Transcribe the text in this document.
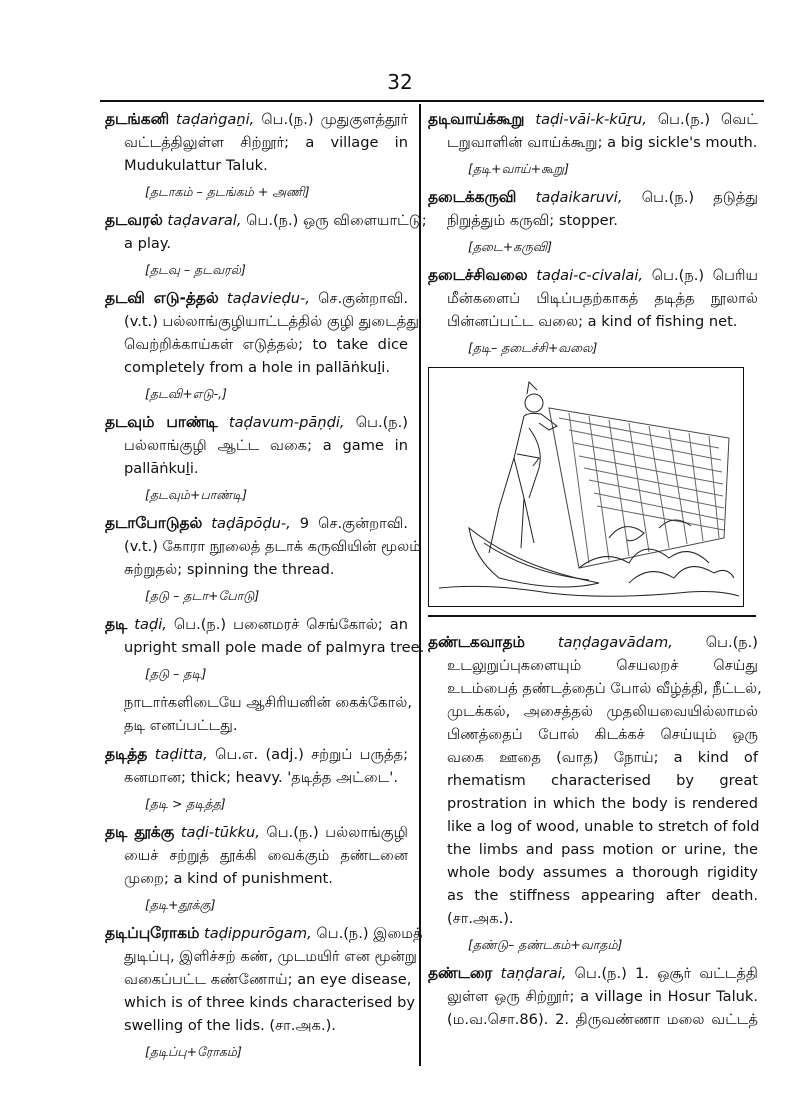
32
தடங்கனி taḍaṅgaṉi, பெ.(ந.) முதுகுளத்தூர்
வட்டத்திலுள்ள சிற்றூர்; a village in
Mudukulattur Taluk.
[தடாகம் – தடங்கம் + அணி]
தடவரல் taḍavaral, பெ.(ந.) ஒரு விளையாட்டு;
a play.
[தடவு – தடவரல்]
தடவி எடு-த்தல் taḍavieḍu-, செ.குன்றாவி.
(v.t.) பல்லாங்குழியாட்டத்தில் குழி துடைத்து
வெற்றிக்காய்கள் எடுத்தல்; to take dice
completely from a hole in pallāṅkuḻi.
[தடவி+எடு-,]
தடவும் பாண்டி taḍavum-pāṇḍi, பெ.(ந.)
பல்லாங்குழி ஆட்ட வகை; a game in
pallāṅkuḻi.
[தடவும்+பாண்டி]
தடாபோடுதல் taḍāpōḍu-, 9 செ.குன்றாவி.
(v.t.) கோரா நூலைத் தடாக் கருவியின் மூலம்
சுற்றுதல்; spinning the thread.
[தடு – தடா+போடு]
தடி taḍi, பெ.(ந.) பனைமரச் செங்கோல்; an
upright small pole made of palmyra tree.
[தடு – தடி]
நாடார்களிடையே ஆசிரியனின் கைக்கோல்,
தடி எனப்பட்டது.
தடித்த taḍitta, பெ.எ. (adj.) சற்றுப் பருத்த;
கனமான; thick; heavy. 'தடித்த அட்டை'.
[தடி > தடித்த]
தடி தூக்கு taḍi-tūkku, பெ.(ந.) பல்லாங்குழி
யைச் சற்றுத் தூக்கி வைக்கும் தண்டனை
முறை; a kind of punishment.
[தடி+தூக்கு]
தடிப்புரோகம் taḍippurōgam, பெ.(ந.) இமைத்
துடிப்பு, இளிச்சற் கண், முடமயிர் என மூன்று
வகைப்பட்ட கண்ணோய்; an eye disease,
which is of three kinds characterised by
swelling of the lids. (சா.அக.).
[தடிப்பு+ரோகம்]
தடிவாய்க்கூறு taḍi-vāi-k-kūṟu, பெ.(ந.) வெட்
டறுவாளின் வாய்க்கூறு; a big sickle's mouth.
[தடி+வாய்+கூறு]
தடைக்கருவி taḍaikaruvi, பெ.(ந.) தடுத்து
நிறுத்தும் கருவி; stopper.
[தடை+கருவி]
தடைச்சிவலை taḍai-c-civalai, பெ.(ந.) பெரிய
மீன்களைப் பிடிப்பதற்காகத் தடித்த நூலால்
பின்னப்பட்ட வலை; a kind of fishing net.
[தடி– தடைச்சி+வலை]
தண்டகவாதம் taṇḍagavādam, பெ.(ந.)
உடலுறுப்புகளையும் செயலறச் செய்து
உடம்பைத் தண்டத்தைப் போல் வீழ்த்தி, நீட்டல்,
முடக்கல், அசைத்தல் முதலியவையில்லாமல்
பிணத்தைப் போல் கிடக்கச் செய்யும் ஒரு
வகை ஊதை (வாத) நோய்; a kind of
rhematism characterised by great
prostration in which the body is rendered
like a log of wood, unable to stretch of fold
the limbs and pass motion or urine, the
whole body assumes a thorough rigidity
as the stiffness appearing after death.
(சா.அக.).
[தண்டு– தண்டகம்+வாதம்]
தண்டரை taṇḍarai, பெ.(ந.) 1. ஒசூர் வட்டத்தி
லுள்ள ஒரு சிற்றூர்; a village in Hosur Taluk.
(ம.வ.சொ.86). 2. திருவண்ணா மலை வட்டத்
